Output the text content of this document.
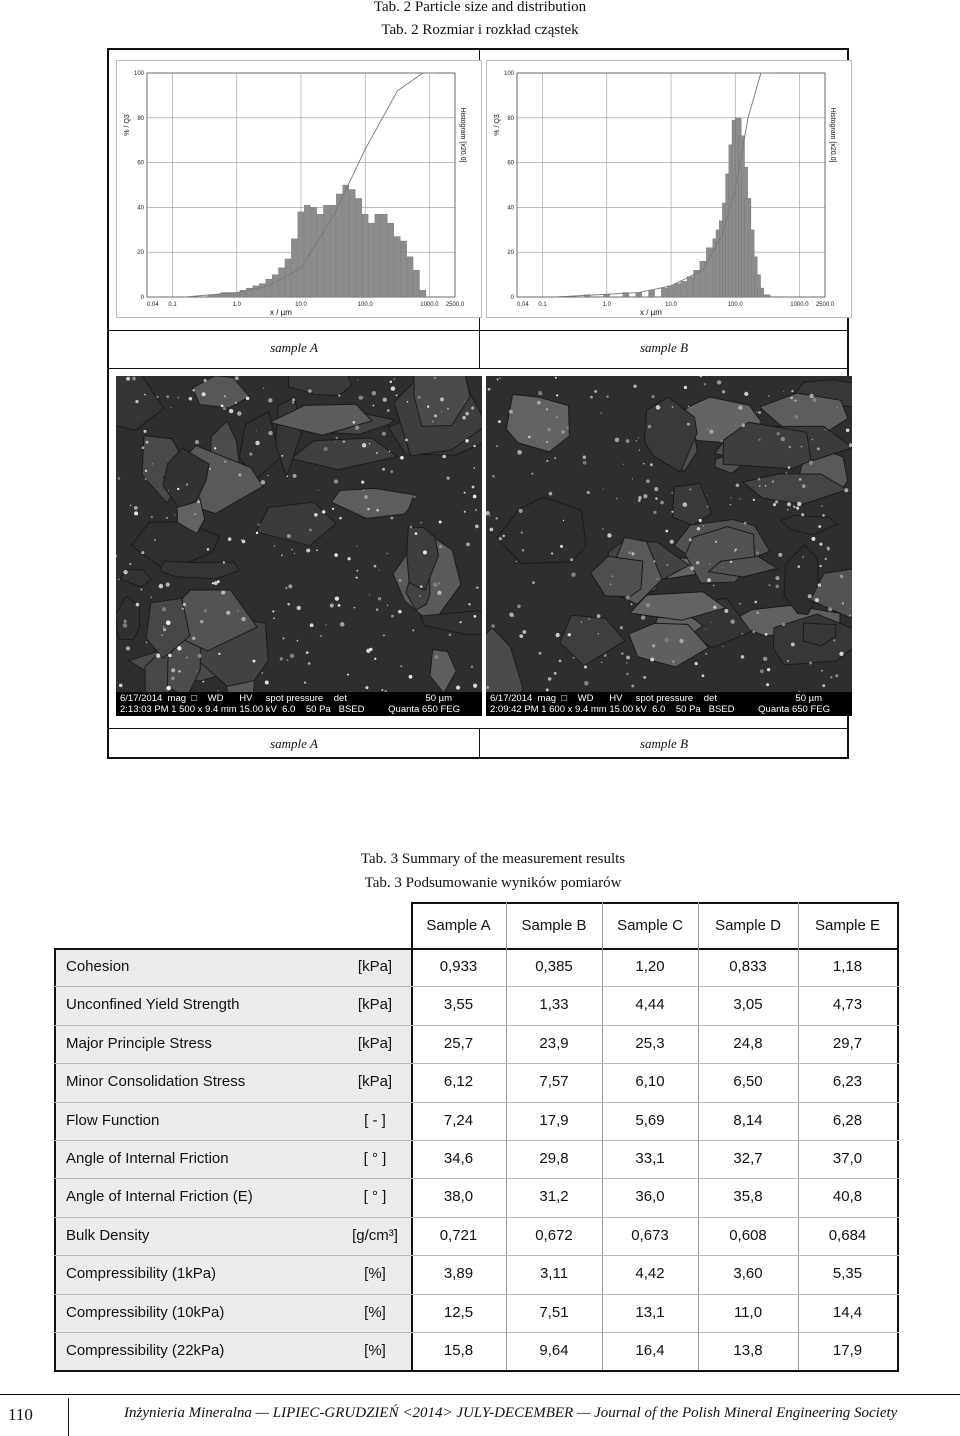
Tab. 2 Particle size and distribution
Tab. 2 Rozmiar i rozkład cząstek
sample A	sample B
sample A	sample B
0.04 0.1	1.0	10.0	100.0	1000.0 2500.0
0
20
40
60
80
100
x / µm
% / Q3	Histogram [x20.0]
0.04 0.1	1.0	10.0	100.0	1000.0 2500.0
0
20
40
60
80
100
x / µm
% / Q3	Histogram [x20.0]
6/17/2014  mag  □    WD      HV     spot pressure    det
2:13:03 PM 1 500 x 9.4 mm 15.00 kV  6.0    50 Pa   BSED
50 µm
Quanta 650 FEG
6/17/2014  mag  □    WD      HV     spot pressure    det
2:09:42 PM 1 600 x 9.4 mm 15.00 kV  6.0    50 Pa   BSED
50 µm
Quanta 650 FEG
Tab. 3 Summary of the measurement results
Tab. 3 Podsumowanie wyników pomiarów
Sample A	Sample B	Sample C	Sample D	Sample E
Cohesion	[kPa]	0,933	0,385	1,20	0,833	1,18
Unconfined Yield Strength	[kPa]	3,55	1,33	4,44	3,05	4,73
Major Principle Stress	[kPa]	25,7	23,9	25,3	24,8	29,7
Minor Consolidation Stress	[kPa]	6,12	7,57	6,10	6,50	6,23
Flow Function	[ - ]	7,24	17,9	5,69	8,14	6,28
Angle of Internal Friction	[ ° ]	34,6	29,8	33,1	32,7	37,0
Angle of Internal Friction (E)	[ ° ]	38,0	31,2	36,0	35,8	40,8
Bulk Density	[g/cm³]	0,721	0,672	0,673	0,608	0,684
Compressibility (1kPa)	[%]	3,89	3,11	4,42	3,60	5,35
Compressibility (10kPa)	[%]	12,5	7,51	13,1	11,0	14,4
Compressibility (22kPa)	[%]	15,8	9,64	16,4	13,8	17,9
110	Inżynieria Mineralna — LIPIEC-GRUDZIEŃ <2014> JULY-DECEMBER — Journal of the Polish Mineral Engineering Society
